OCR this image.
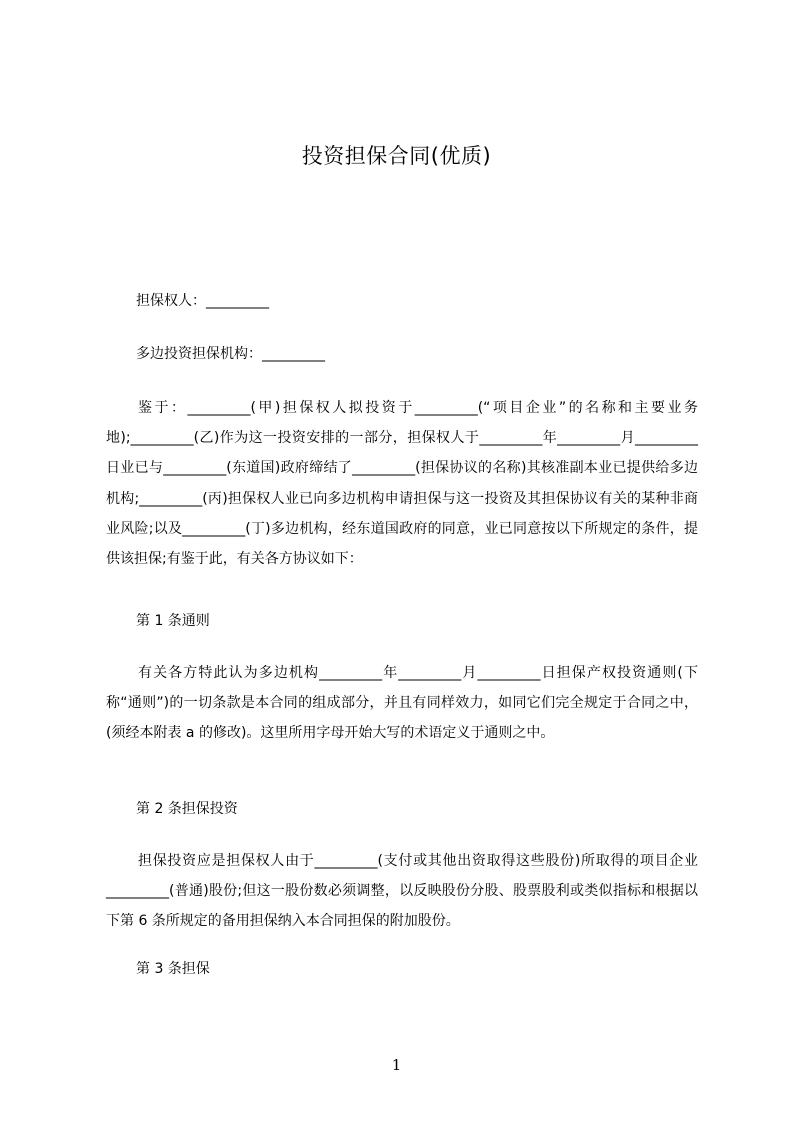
投资担保合同(优质)
担保权人：_________
多边投资担保机构：_________
鉴于：_________(甲)担保权人拟投资于_________(“项目企业”的名称和主要业务地);_________(乙)作为这一投资安排的一部分，担保权人于_________年_________月_________日业已与_________(东道国)政府缔结了_________(担保协议的名称)其核准副本业已提供给多边机构;_________(丙)担保权人业已向多边机构申请担保与这一投资及其担保协议有关的某种非商业风险;以及_________(丁)多边机构，经东道国政府的同意，业已同意按以下所规定的条件，提供该担保;有鉴于此，有关各方协议如下：
第 1 条通则
有关各方特此认为多边机构_________年_________月_________日担保产权投资通则(下称“通则”)的一切条款是本合同的组成部分，并且有同样效力，如同它们完全规定于合同之中，(须经本附表 a 的修改)。这里所用字母开始大写的术语定义于通则之中。
第 2 条担保投资
担保投资应是担保权人由于_________(支付或其他出资取得这些股份)所取得的项目企业_________(普通)股份;但这一股份数必须调整，以反映股份分股、股票股利或类似指标和根据以下第 6 条所规定的备用担保纳入本合同担保的附加股份。
第 3 条担保
1
